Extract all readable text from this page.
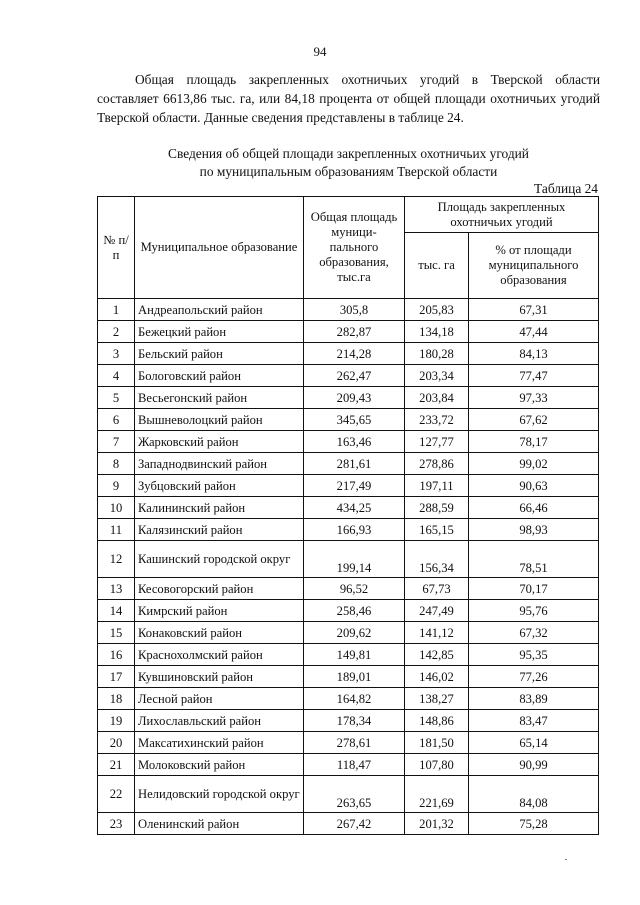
94

Общая площадь закрепленных охотничьих угодий в Тверской области составляет 6613,86 тыс. га, или 84,18 процента от общей площади охотничьих угодий Тверской области. Данные сведения представлены в таблице 24.

Сведения об общей площади закрепленных охотничьих угодий
по муниципальным образованиям Тверской области
Таблица 24
№ п/п	Муниципальное образование	Общая площадь муници-пального образования, тыс.га	Площадь закрепленных охотничьих угодий	
			тыс. га	% от площади муниципального образования
1	Андреапольский район	305,8	205,83	67,31
2	Бежецкий район	282,87	134,18	47,44
3	Бельский район	214,28	180,28	84,13
4	Бологовский район	262,47	203,34	77,47
5	Весьегонский район	209,43	203,84	97,33
6	Вышневолоцкий район	345,65	233,72	67,62
7	Жарковский район	163,46	127,77	78,17
8	Западнодвинский район	281,61	278,86	99,02
9	Зубцовский район	217,49	197,11	90,63
10	Калининский район	434,25	288,59	66,46
11	Калязинский район	166,93	165,15	98,93
12	Кашинский городской округ	199,14	156,34	78,51
13	Кесовогорский район	96,52	67,73	70,17
14	Кимрский район	258,46	247,49	95,76
15	Конаковский район	209,62	141,12	67,32
16	Краснохолмский район	149,81	142,85	95,35
17	Кувшиновский район	189,01	146,02	77,26
18	Лесной район	164,82	138,27	83,89
19	Лихославльский район	178,34	148,86	83,47
20	Максатихинский район	278,61	181,50	65,14
21	Молоковский район	118,47	107,80	90,99
22	Нелидовский городской округ	263,65	221,69	84,08
23	Оленинский район	267,42	201,32	75,28
